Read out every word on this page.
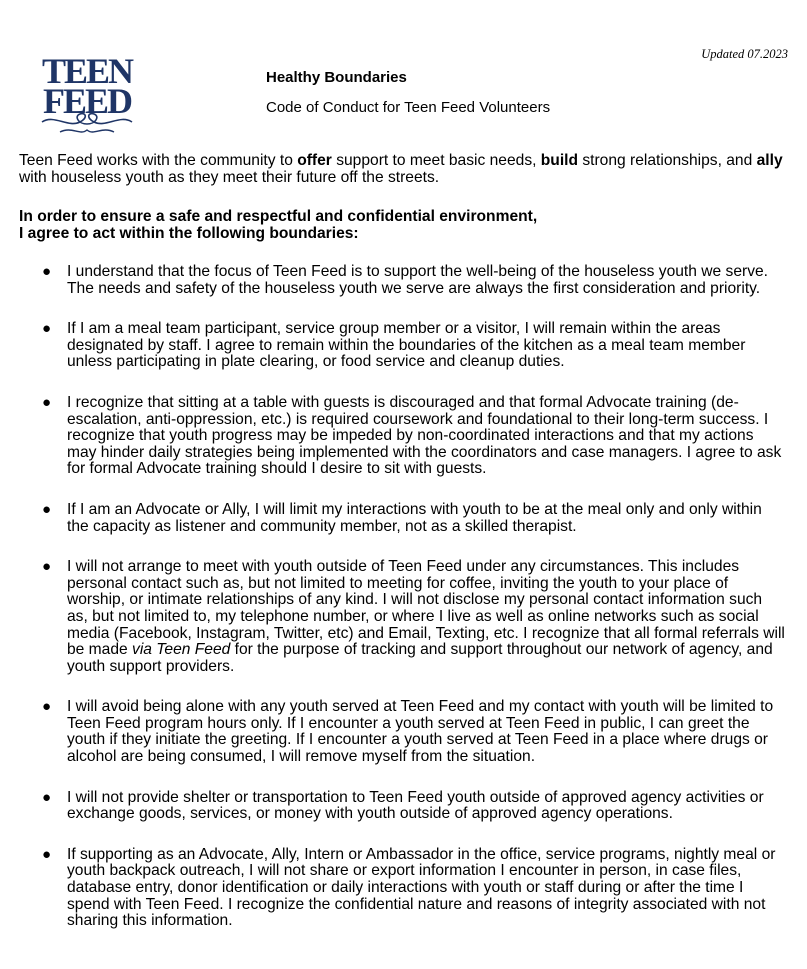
Updated 07.2023
TEEN
FEED
Healthy Boundaries
Code of Conduct for Teen Feed Volunteers

Teen Feed works with the community to offer support to meet basic needs, build strong relationships, and ally with houseless youth as they meet their future off the streets.

In order to ensure a safe and respectful and confidential environment,
I agree to act within the following boundaries:
● I understand that the focus of Teen Feed is to support the well-being of the houseless youth we serve. The needs and safety of the houseless youth we serve are always the first consideration and priority.
● If I am a meal team participant, service group member or a visitor, I will remain within the areas designated by staff. I agree to remain within the boundaries of the kitchen as a meal team member unless participating in plate clearing, or food service and cleanup duties.
● I recognize that sitting at a table with guests is discouraged and that formal Advocate training (de-escalation, anti-oppression, etc.) is required coursework and foundational to their long-term success. I recognize that youth progress may be impeded by non-coordinated interactions and that my actions may hinder daily strategies being implemented with the coordinators and case managers. I agree to ask for formal Advocate training should I desire to sit with guests.
● If I am an Advocate or Ally, I will limit my interactions with youth to be at the meal only and only within the capacity as listener and community member, not as a skilled therapist.
● I will not arrange to meet with youth outside of Teen Feed under any circumstances. This includes personal contact such as, but not limited to meeting for coffee, inviting the youth to your place of worship, or intimate relationships of any kind. I will not disclose my personal contact information such as, but not limited to, my telephone number, or where I live as well as online networks such as social media (Facebook, Instagram, Twitter, etc) and Email, Texting, etc. I recognize that all formal referrals will be made via Teen Feed for the purpose of tracking and support throughout our network of agency, and youth support providers.
● I will avoid being alone with any youth served at Teen Feed and my contact with youth will be limited to Teen Feed program hours only. If I encounter a youth served at Teen Feed in public, I can greet the youth if they initiate the greeting. If I encounter a youth served at Teen Feed in a place where drugs or alcohol are being consumed, I will remove myself from the situation.
● I will not provide shelter or transportation to Teen Feed youth outside of approved agency activities or exchange goods, services, or money with youth outside of approved agency operations.
● If supporting as an Advocate, Ally, Intern or Ambassador in the office, service programs, nightly meal or youth backpack outreach, I will not share or export information I encounter in person, in case files, database entry, donor identification or daily interactions with youth or staff during or after the time I spend with Teen Feed. I recognize the confidential nature and reasons of integrity associated with not sharing this information.
